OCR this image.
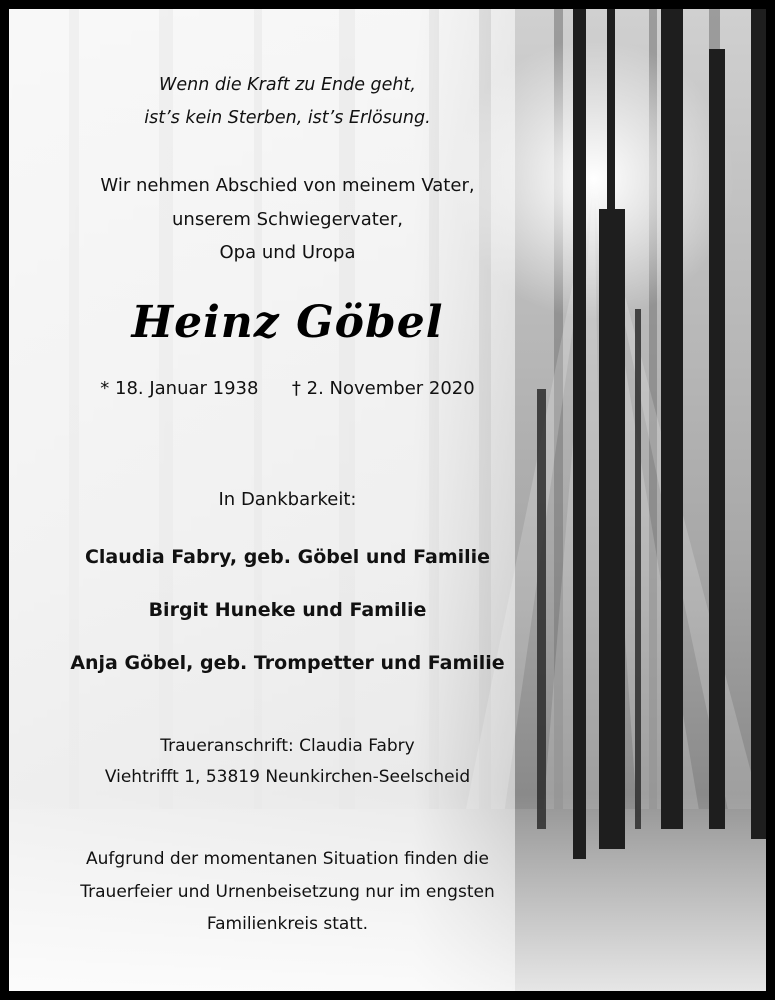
Wenn die Kraft zu Ende geht,
ist’s kein Sterben, ist’s Erlösung.
Wir nehmen Abschied von meinem Vater,
unserem Schwiegervater,
Opa und Uropa
Heinz Göbel
* 18. Januar 1938 † 2. November 2020
In Dankbarkeit:
Claudia Fabry, geb. Göbel und Familie
Birgit Huneke und Familie
Anja Göbel, geb. Trompetter und Familie
Traueranschrift: Claudia Fabry
Viehtrifft 1, 53819 Neunkirchen-Seelscheid
Aufgrund der momentanen Situation finden die
Trauerfeier und Urnenbeisetzung nur im engsten
Familienkreis statt.
